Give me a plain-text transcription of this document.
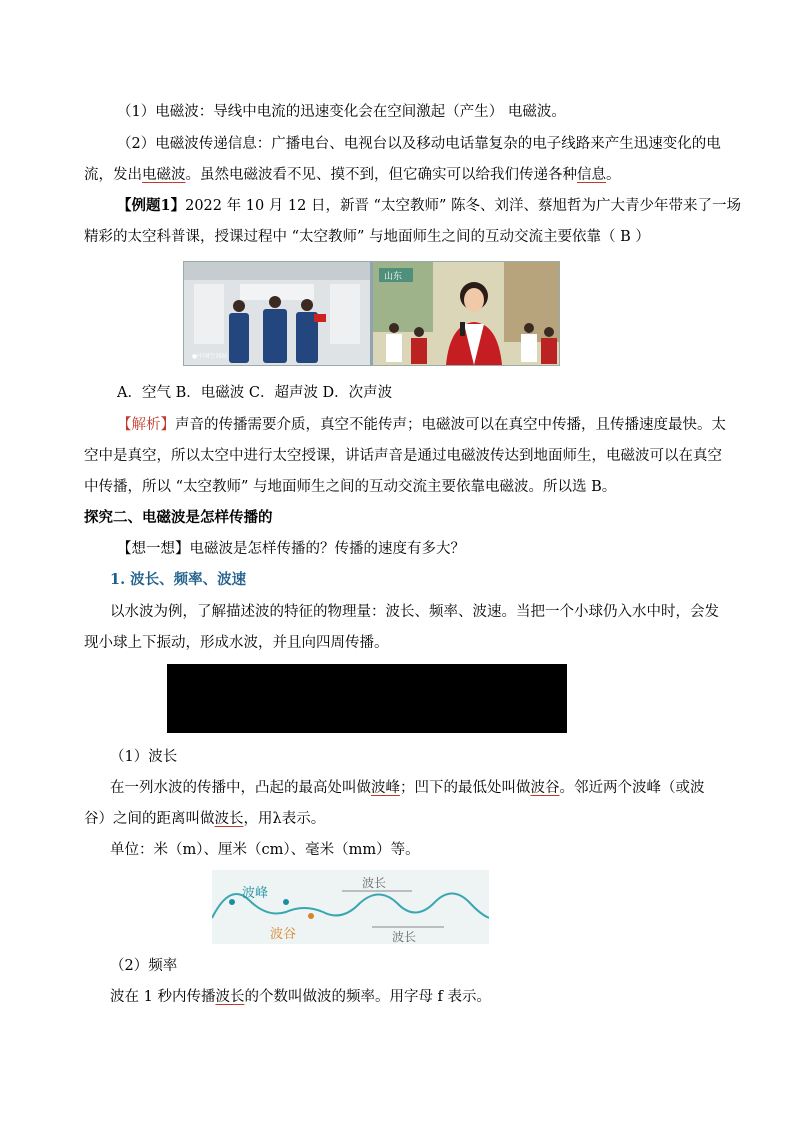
（1）电磁波：导线中电流的迅速变化会在空间激起（产生） 电磁波。
（2）电磁波传递信息：广播电台、电视台以及移动电话靠复杂的电子线路来产生迅速变化的电
流，发出电磁波。虽然电磁波看不见、摸不到，但它确实可以给我们传递各种信息。
【例题1】2022 年 10 月 12 日，新晋 “太空教师” 陈冬、刘洋、蔡旭哲为广大青少年带来了一场
精彩的太空科普课，授课过程中 “太空教师” 与地面师生之间的互动交流主要依靠（ B ）
●中国空间站
山东
A．空气 B．电磁波 C．超声波 D．次声波
【解析】声音的传播需要介质，真空不能传声；电磁波可以在真空中传播，且传播速度最快。太
空中是真空，所以太空中进行太空授课，讲话声音是通过电磁波传达到地面师生，电磁波可以在真空
中传播，所以 “太空教师” 与地面师生之间的互动交流主要依靠电磁波。所以选 B。
探究二、电磁波是怎样传播的
【想一想】电磁波是怎样传播的？传播的速度有多大？
1. 波长、频率、波速
以水波为例，了解描述波的特征的物理量：波长、频率、波速。当把一个小球仍入水中时，会发
现小球上下振动，形成水波，并且向四周传播。
（1）波长
在一列水波的传播中，凸起的最高处叫做波峰；凹下的最低处叫做波谷。邻近两个波峰（或波
谷）之间的距离叫做波长，用λ表示。
单位：米（m）、厘米（cm）、毫米（mm）等。
波峰
波谷
波长
波长
（2）频率
波在 1 秒内传播波长的个数叫做波的频率。用字母 f 表示。
